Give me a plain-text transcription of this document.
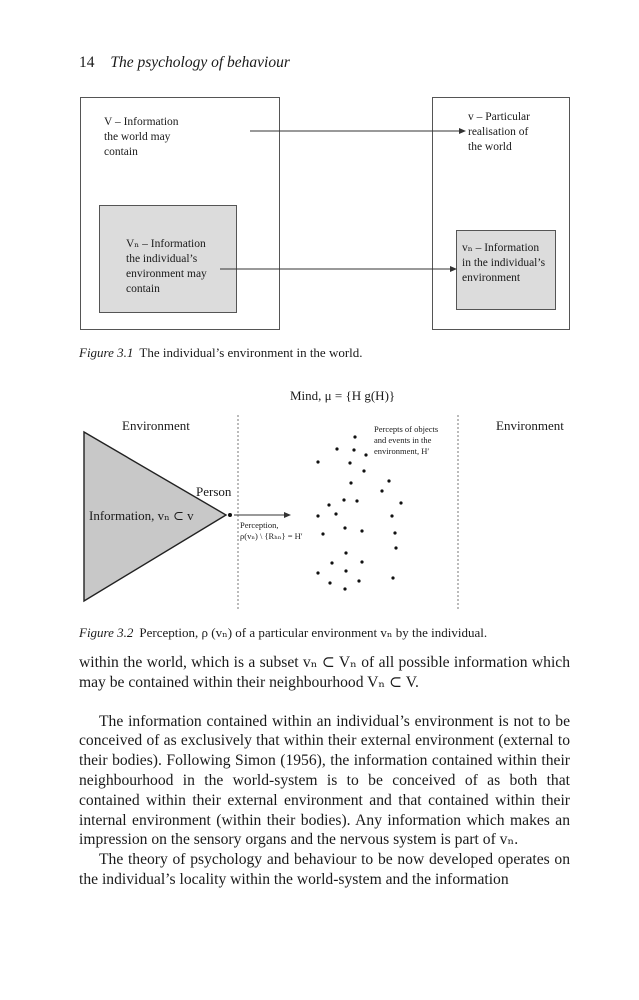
14 The psychology of behaviour
V – Information
the world may
contain
v – Particular
realisation of
the world
Vₙ – Information
the individual’s
environment may
contain
vₙ – Information
in the individual’s
environment
Figure 3.1 The individual’s environment in the world.
Mind, μ = {H g(H)}
Environment	Environment
Percepts of objects
and events in the
environment, H′
Person
Information, vₙ ⊂ v
Perception,
ρ(vₙ) \ {Rₕₙ} = H′
Figure 3.2 Perception, ρ (vₙ) of a particular environment vₙ by the individual.

within the world, which is a subset vₙ ⊂ Vₙ of all possible information which may be contained within their neighbourhood Vₙ ⊂ V.

The information contained within an individual’s environment is not to be conceived of as exclusively that within their external environment (external to their bodies). Following Simon (1956), the information contained within their neighbourhood in the world-system is to be conceived of as both that contained within their external environment and that contained within their internal environment (within their bodies). Any information which makes an impression on the sensory organs and the nervous system is part of vₙ.

The theory of psychology and behaviour to be now developed operates on the individual’s locality within the world-system and the information
